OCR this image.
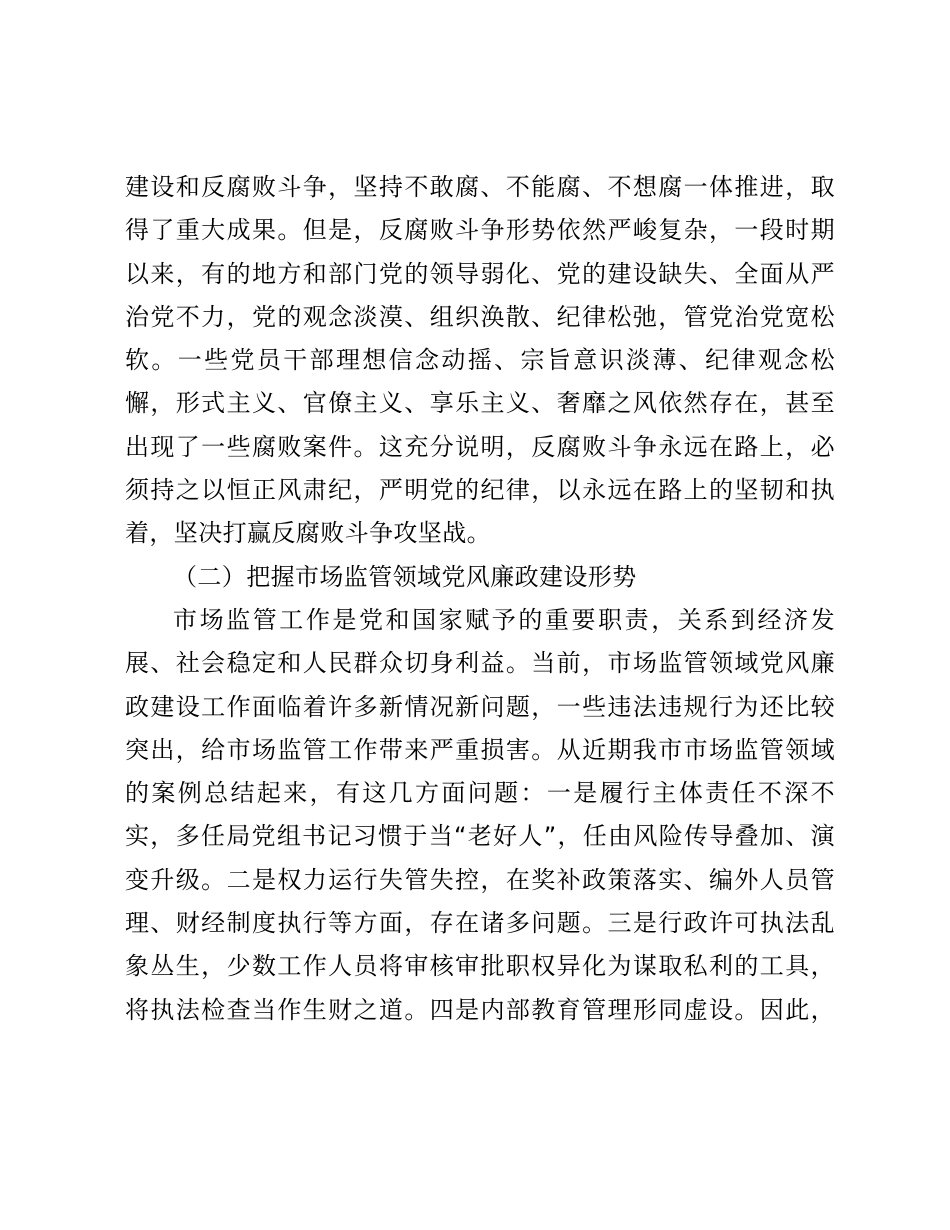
建设和反腐败斗争，坚持不敢腐、不能腐、不想腐一体推进，取
得了重大成果。但是，反腐败斗争形势依然严峻复杂，一段时期
以来，有的地方和部门党的领导弱化、党的建设缺失、全面从严
治党不力，党的观念淡漠、组织涣散、纪律松弛，管党治党宽松
软。一些党员干部理想信念动摇、宗旨意识淡薄、纪律观念松
懈，形式主义、官僚主义、享乐主义、奢靡之风依然存在，甚至
出现了一些腐败案件。这充分说明，反腐败斗争永远在路上，必
须持之以恒正风肃纪，严明党的纪律，以永远在路上的坚韧和执
着，坚决打赢反腐败斗争攻坚战。
（二）把握市场监管领域党风廉政建设形势
市场监管工作是党和国家赋予的重要职责，关系到经济发
展、社会稳定和人民群众切身利益。当前，市场监管领域党风廉
政建设工作面临着许多新情况新问题，一些违法违规行为还比较
突出，给市场监管工作带来严重损害。从近期我市市场监管领域
的案例总结起来，有这几方面问题：一是履行主体责任不深不
实，多任局党组书记习惯于当“老好人”，任由风险传导叠加、演
变升级。二是权力运行失管失控，在奖补政策落实、编外人员管
理、财经制度执行等方面，存在诸多问题。三是行政许可执法乱
象丛生，少数工作人员将审核审批职权异化为谋取私利的工具，
将执法检查当作生财之道。四是内部教育管理形同虚设。因此，
